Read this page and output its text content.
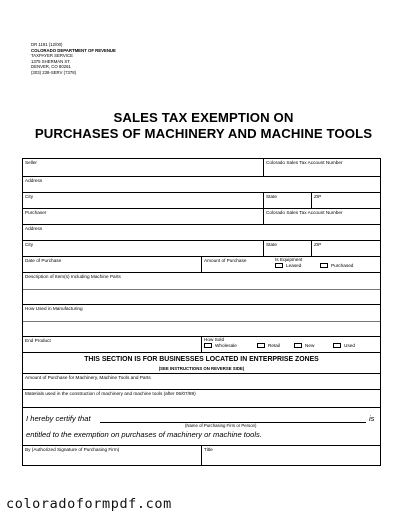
DR 1191 (12/00)
COLORADO DEPARTMENT OF REVENUE
TAXPAYER SERVICE
1375 SHERMAN ST.
DENVER, CO 80261
(303) 238-SERV (7378)
SALES TAX EXEMPTION ON
PURCHASES OF MACHINERY AND MACHINE TOOLS
Seller	Colorado Sales Tax Account Number
Address
City	State	ZIP
Purchaser	Colorado Sales Tax Account Number
Address
City	State	ZIP
Date of Purchase	Amount of Purchase	Is Equipment
Leased	Purchased
Description of Item(s) Including Machine Parts
How Used in Manufacturing
End Product	How Sold
Wholesale	Retail	New	Used
THIS SECTION IS FOR BUSINESSES LOCATED IN ENTERPRISE ZONES
(SEE INSTRUCTIONS ON REVERSE SIDE)
Amount of Purchase for Machinery, Machine Tools and Parts
Materials used in the construction of machinery and machine tools (after 06/07/89)
I hereby certify that	is
(Name of Purchasing Firm or Person)
entitled to the exemption on purchases of machinery or machine tools.
By (Authorized Signature of Purchasing Firm)	Title
coloradoformpdf.com
